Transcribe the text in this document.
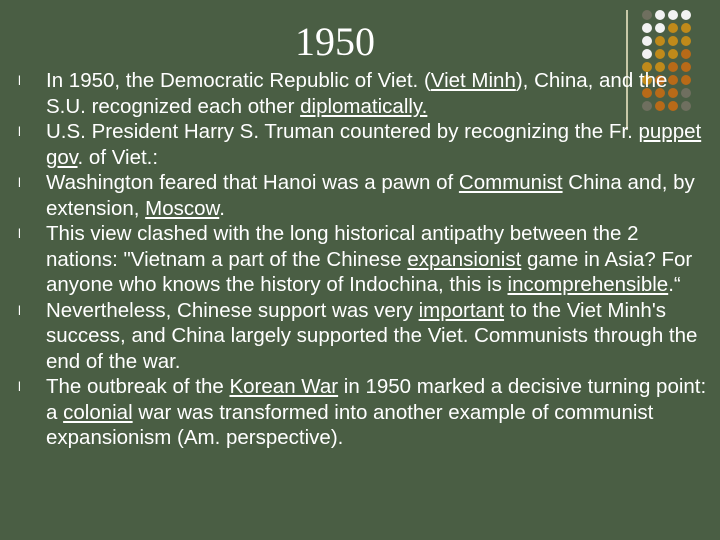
1950
l	In 1950, the Democratic Republic of Viet. (Viet Minh), China, and the S.U. recognized each other diplomatically.
l	U.S. President Harry S. Truman countered by recognizing the Fr. puppet gov. of Viet.:
l	Washington feared that Hanoi was a pawn of Communist China and, by extension, Moscow.
l	This view clashed with the long historical antipathy between the 2 nations: "Vietnam a part of the Chinese expansionist game in Asia? For anyone who knows the history of Indochina, this is incomprehensible.“
l	Nevertheless, Chinese support was very important to the Viet Minh's success, and China largely supported the Viet. Communists through the end of the war.
l	The outbreak of the Korean War in 1950 marked a decisive turning point: a colonial war was transformed into another example of communist expansionism (Am. perspective).
